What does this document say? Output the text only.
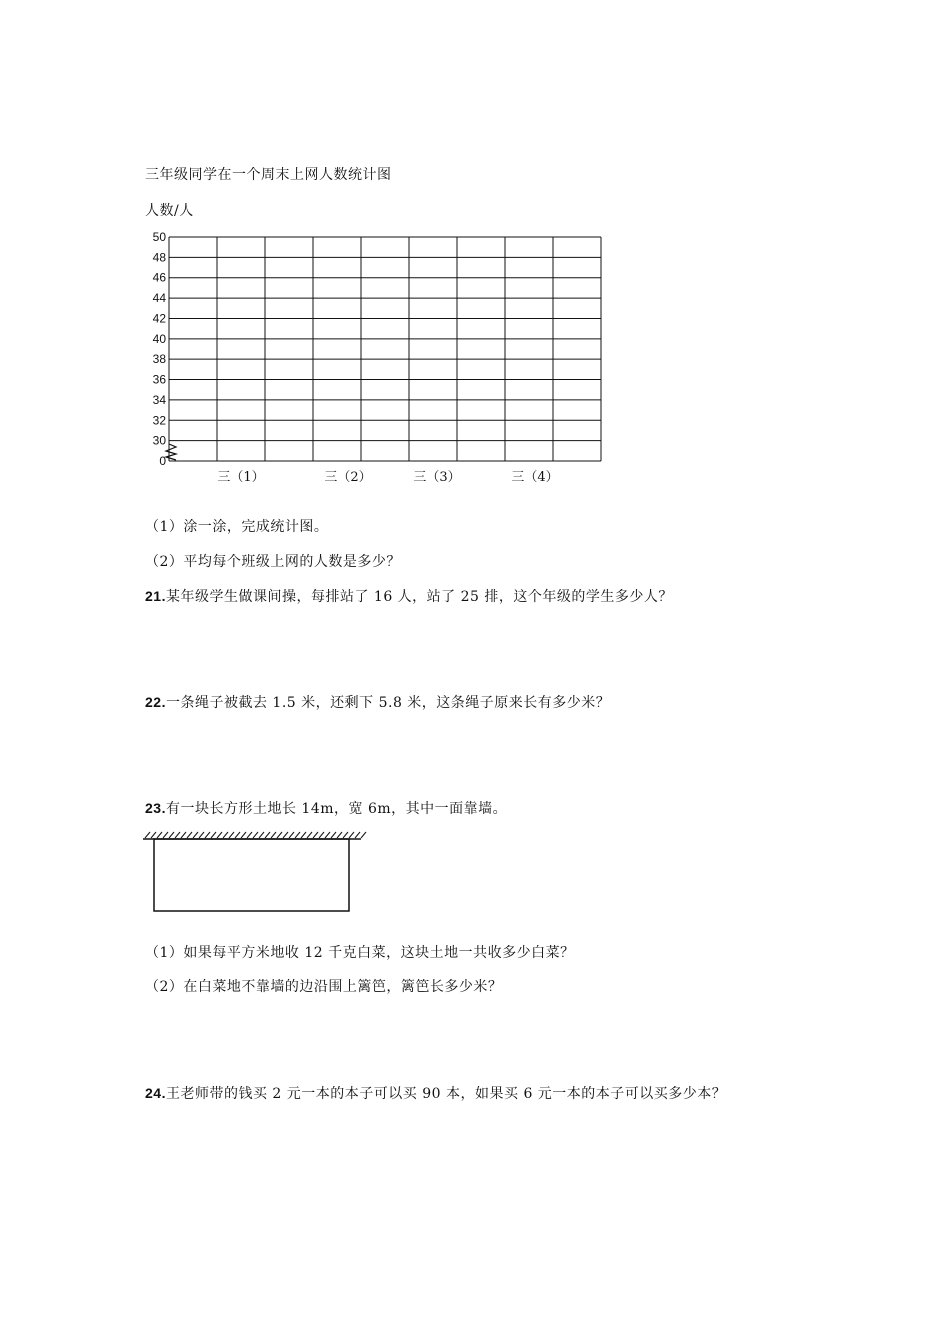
三年级同学在一个周末上网人数统计图
人数/人
0
30
32
34
36
38
40
42
44
46
48
50
三（1）	三（2）	三（3）	三（4）
（1）涂一涂，完成统计图。
（2）平均每个班级上网的人数是多少？
21.某年级学生做课间操，每排站了 16 人，站了 25 排，这个年级的学生多少人？
22.一条绳子被截去 1.5 米，还剩下 5.8 米，这条绳子原来长有多少米？
23.有一块长方形土地长 14m，宽 6m，其中一面靠墙。
（1）如果每平方米地收 12 千克白菜，这块土地一共收多少白菜？
（2）在白菜地不靠墙的边沿围上篱笆，篱笆长多少米？
24.王老师带的钱买 2 元一本的本子可以买 90 本，如果买 6 元一本的本子可以买多少本？
